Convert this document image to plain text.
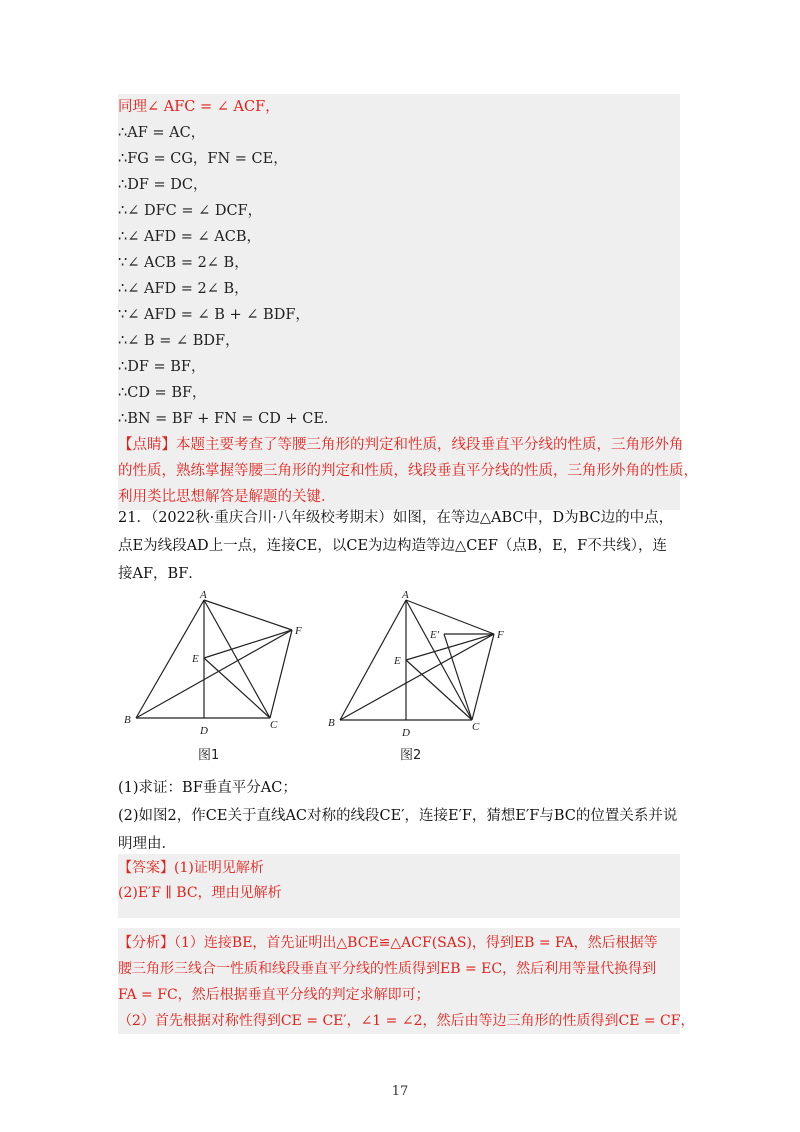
同理∠ AFC = ∠ ACF，
∴AF = AC，
∴FG = CG，FN = CE，
∴DF = DC，
∴∠ DFC = ∠ DCF，
∴∠ AFD = ∠ ACB，
∵∠ ACB = 2∠ B，
∴∠ AFD = 2∠ B，
∵∠ AFD = ∠ B + ∠ BDF，
∴∠ B = ∠ BDF，
∴DF = BF，
∴CD = BF，
∴BN = BF + FN = CD + CE．
【点睛】本题主要考查了等腰三角形的判定和性质，线段垂直平分线的性质，三角形外角
的性质，熟练掌握等腰三角形的判定和性质，线段垂直平分线的性质，三角形外角的性质，
利用类比思想解答是解题的关键．
21．（2022秋·重庆合川·八年级校考期末）如图，在等边△ABC中，D为BC边的中点，
点E为线段AD上一点，连接CE，以CE为边构造等边△CEF（点B，E，F不共线），连
接AF，BF．
A
B	C
D
E
F
图1
A
B	C
D
E
E′	F
图2
(1)求证：BF垂直平分AC；
(2)如图2，作CE关于直线AC对称的线段CE′，连接E′F，猜想E′F与BC的位置关系并说
明理由．
【答案】(1)证明见解析
(2)E′F ∥ BC，理由见解析
【分析】（1）连接BE，首先证明出△BCE≌△ACF(SAS)，得到EB = FA，然后根据等
腰三角形三线合一性质和线段垂直平分线的性质得到EB = EC，然后利用等量代换得到
FA = FC，然后根据垂直平分线的判定求解即可；
（2）首先根据对称性得到CE = CE′，∠1 = ∠2，然后由等边三角形的性质得到CE = CF，
17
